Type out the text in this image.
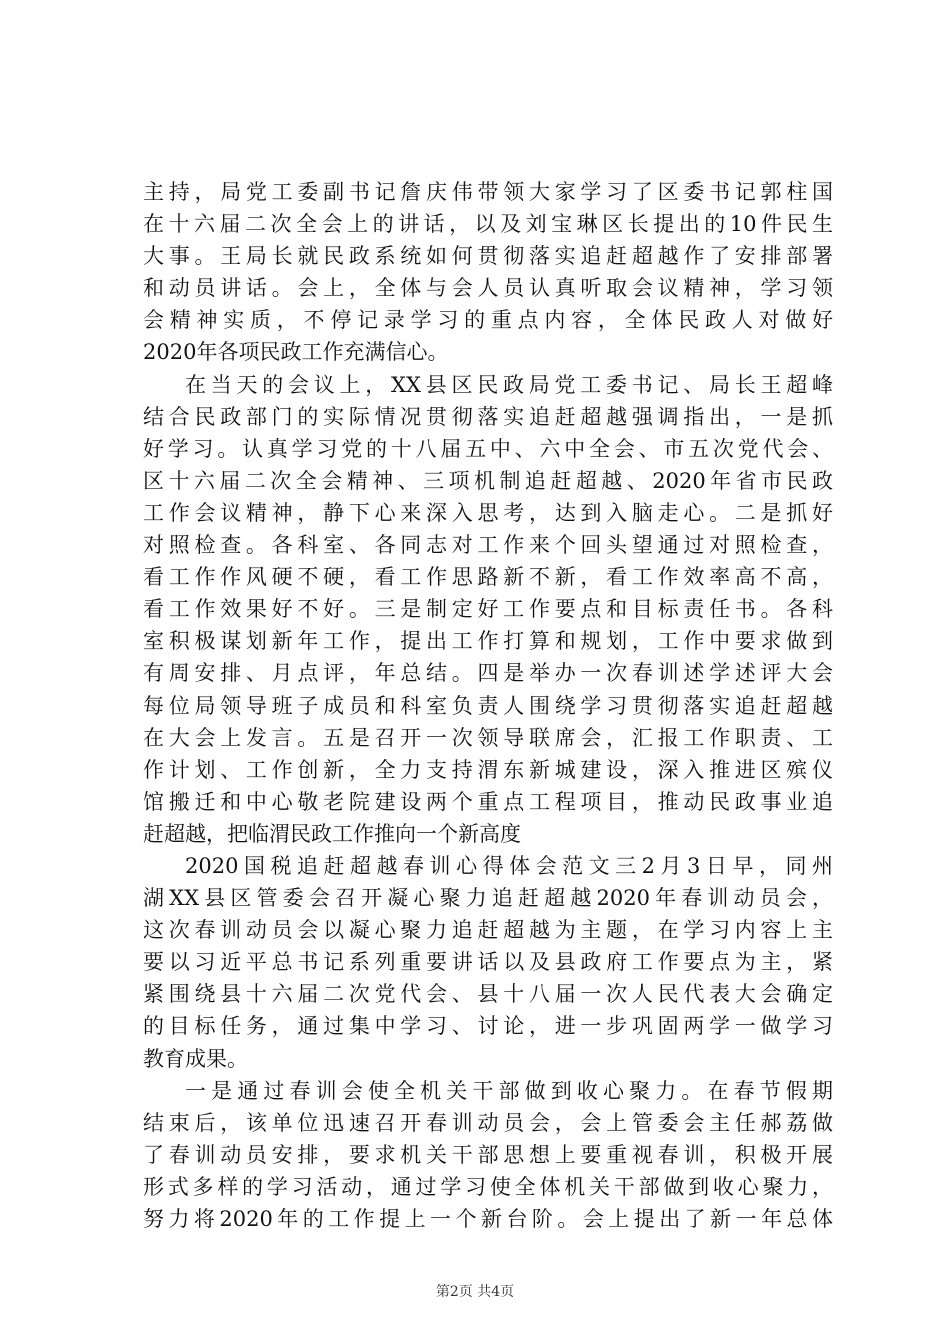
主持，局党工委副书记詹庆伟带领大家学习了区委书记郭柱国
在十六届二次全会上的讲话，以及刘宝琳区长提出的10件民生
大事。王局长就民政系统如何贯彻落实追赶超越作了安排部署
和动员讲话。会上，全体与会人员认真听取会议精神，学习领
会精神实质，不停记录学习的重点内容，全体民政人对做好
2020年各项民政工作充满信心。
在当天的会议上，XX县区民政局党工委书记、局长王超峰
结合民政部门的实际情况贯彻落实追赶超越强调指出，一是抓
好学习。认真学习党的十八届五中、六中全会、市五次党代会、
区十六届二次全会精神、三项机制追赶超越、2020年省市民政
工作会议精神，静下心来深入思考，达到入脑走心。二是抓好
对照检查。各科室、各同志对工作来个回头望通过对照检查，
看工作作风硬不硬，看工作思路新不新，看工作效率高不高，
看工作效果好不好。三是制定好工作要点和目标责任书。各科
室积极谋划新年工作，提出工作打算和规划，工作中要求做到
有周安排、月点评，年总结。四是举办一次春训述学述评大会
每位局领导班子成员和科室负责人围绕学习贯彻落实追赶超越
在大会上发言。五是召开一次领导联席会，汇报工作职责、工
作计划、工作创新，全力支持渭东新城建设，深入推进区殡仪
馆搬迁和中心敬老院建设两个重点工程项目，推动民政事业追
赶超越，把临渭民政工作推向一个新高度
2020国税追赶超越春训心得体会范文三2月3日早，同州
湖XX县区管委会召开凝心聚力追赶超越2020年春训动员会，
这次春训动员会以凝心聚力追赶超越为主题，在学习内容上主
要以习近平总书记系列重要讲话以及县政府工作要点为主，紧
紧围绕县十六届二次党代会、县十八届一次人民代表大会确定
的目标任务，通过集中学习、讨论，进一步巩固两学一做学习
教育成果。
一是通过春训会使全机关干部做到收心聚力。在春节假期
结束后，该单位迅速召开春训动员会，会上管委会主任郝荔做
了春训动员安排，要求机关干部思想上要重视春训，积极开展
形式多样的学习活动，通过学习使全体机关干部做到收心聚力，
努力将2020年的工作提上一个新台阶。会上提出了新一年总体
第2页 共4页
